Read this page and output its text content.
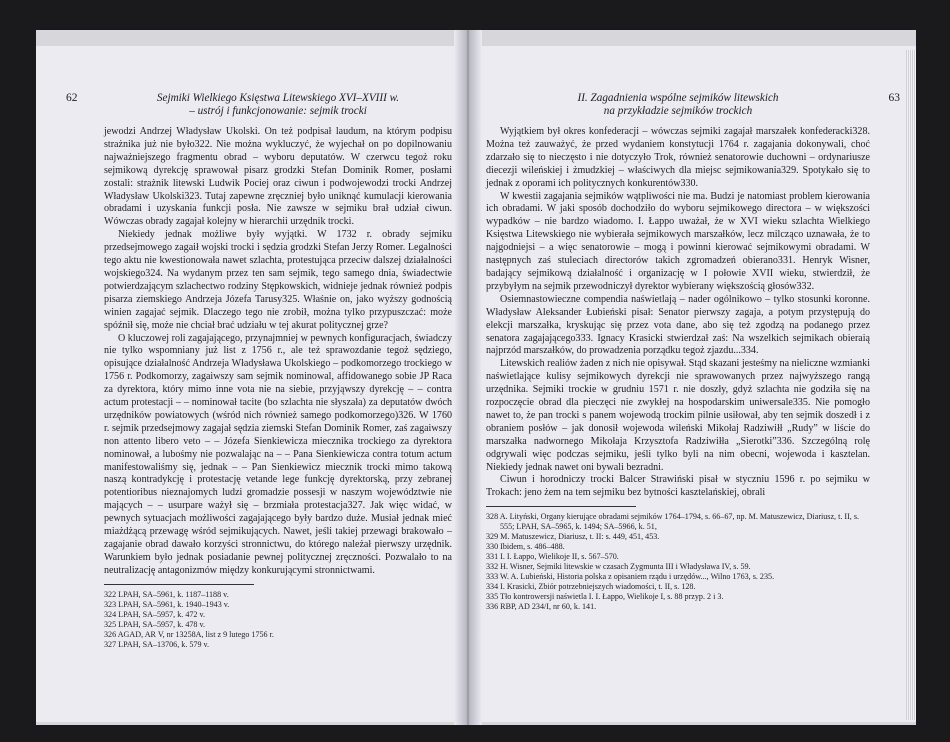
62	Sejmiki Wielkiego Księstwa Litewskiego XVI–XVIII w.
– ustrój i funkcjonowanie: sejmik trocki

jewodzi Andrzej Władysław Ukolski. On też podpisał laudum, na którym podpisu strażnika już nie było322. Nie można wykluczyć, że wyjechał on po dopilnowaniu najważniejszego fragmentu obrad – wyboru deputatów. W czerwcu tegoż roku sejmikową dyrekcję sprawował pisarz grodzki Stefan Dominik Romer, posłami zostali: strażnik litewski Ludwik Pociej oraz ciwun i podwojewodzi trocki Andrzej Władysław Ukolski323. Tutaj zapewne zręczniej było uniknąć kumulacji kierowania obradami i uzyskania funkcji posła. Nie zawsze w sejmiku brał udział ciwun. Wówczas obrady zagajał kolejny w hierarchii urzędnik trocki.

Niekiedy jednak możliwe były wyjątki. W 1732 r. obrady sejmiku przedsejmowego zagaił wojski trocki i sędzia grodzki Stefan Jerzy Romer. Legalności tego aktu nie kwestionowała nawet szlachta, protestująca przeciw dalszej działalności wojskiego324. Na wydanym przez ten sam sejmik, tego samego dnia, świadectwie potwierdzającym szlachectwo rodziny Stępkowskich, widnieje jednak również podpis pisarza ziemskiego Andrzeja Józefa Tarusy325. Właśnie on, jako wyższy godnością winien zagajać sejmik. Dlaczego tego nie zrobił, można tylko przypuszczać: może spóźnił się, może nie chciał brać udziału w tej akurat politycznej grze?

O kluczowej roli zagajającego, przynajmniej w pewnych konfiguracjach, świadczy nie tylko wspomniany już list z 1756 r., ale też sprawozdanie tegoż sędziego, opisujące działalność Andrzeja Władysława Ukolskiego – podkomorzego trockiego w 1756 r. Podkomorzy, zagaiwszy sam sejmik nominowal, affidowanego sobie JP Raca za dyrektora, który mimo inne vota nie na siebie, przyjąwszy dyrekcję – – contra actum protestacji – – nominował tacite (bo szlachta nie słyszała) za deputatów dwóch urzędników powiatowych (wśród nich również samego podkomorzego)326. W 1760 r. sejmik przedsejmowy zagajał sędzia ziemski Stefan Dominik Romer, zaś zagaiwszy non attento libero veto – – Józefa Sienkiewicza miecznika trockiego za dyrektora nominował, a lubośmy nie pozwalając na – – Pana Sienkiewicza contra totum actum manifestowaliśmy się, jednak – – Pan Sienkiewicz miecznik trocki mimo takową naszą kontradykcję i protestację vetande lege funkcję dyrektorską, przy zebranej potentioribus nieznajomych ludzi gromadzie possesji w naszym województwie nie mających – – usurpare ważył się – brzmiała protestacja327. Jak więc widać, w pewnych sytuacjach możliwości zagajającego były bardzo duże. Musiał jednak mieć miażdżącą przewagę wśród sejmikujących. Nawet, jeśli takiej przewagi brakowało – zagajanie obrad dawało korzyści stronnictwu, do którego należał pierwszy urzędnik. Warunkiem było jednak posiadanie pewnej politycznej zręczności. Pozwalało to na neutralizację antagonizmów między konkurującymi stronnictwami.

322 LPAH, SA–5961, k. 1187–1188 v.
323 LPAH, SA–5961, k. 1940–1943 v.
324 LPAH, SA–5957, k. 472 v.
325 LPAH, SA–5957, k. 478 v.
326 AGAD, AR V, nr 13258A, list z 9 lutego 1756 r.
327 LPAH, SA–13706, k. 579 v.
63
II. Zagadnienia wspólne sejmików litewskich
na przykładzie sejmików trockich

Wyjątkiem był okres konfederacji – wówczas sejmiki zagajał marszałek konfederacki328. Można też zauważyć, że przed wydaniem konstytucji 1764 r. zagajania dokonywali, choć zdarzało się to nieczęsto i nie dotyczyło Trok, również senatorowie duchowni – ordynariusze diecezji wileńskiej i żmudzkiej – właściwych dla miejsc sejmikowania329. Spotykało się to jednak z oporami ich politycznych konkurentów330.

W kwestii zagajania sejmików wątpliwości nie ma. Budzi je natomiast problem kierowania ich obradami. W jaki sposób dochodziło do wyboru sejmikowego directora – w większości wypadków – nie bardzo wiadomo. I. Łappo uważał, że w XVI wieku szlachta Wielkiego Księstwa Litewskiego nie wybierała sejmikowych marszałków, lecz milcząco uznawała, że to najgodniejsi – a więc senatorowie – mogą i powinni kierować sejmikowymi obradami. W następnych zaś stuleciach directorów takich zgromadzeń obierano331. Henryk Wisner, badający sejmikową działalność i organizację w I połowie XVII wieku, stwierdził, że przybyłym na sejmik przewodniczył dyrektor wybierany większością głosów332.

Osiemnastowieczne compendia naświetlają – nader ogólnikowo – tylko stosunki koronne. Władysław Aleksander Łubieński pisał: Senator pierwszy zagaja, a potym przystępują do elekcji marszałka, kryskując się przez vota dane, abo się też zgodzą na podanego przez senatora zagajającego333. Ignacy Krasicki stwierdzał zaś: Na wszelkich sejmikach obieraią najprzód marszałków, do prowadzenia porządku tegoż zjazdu...334.

Litewskich realiów żaden z nich nie opisywał. Stąd skazani jesteśmy na nieliczne wzmianki naświetlające kulisy sejmikowych dyrekcji nie sprawowanych przez najwyższego rangą urzędnika. Sejmiki trockie w grudniu 1571 r. nie doszły, gdyż szlachta nie godziła się na rozpoczęcie obrad dla pieczęci nie zwykłej na hospodarskim uniwersale335. Nie pomogło nawet to, że pan trocki s panem wojewodą trockim pilnie usiłował, aby ten sejmik doszedł i z obraniem posłów – jak donosił wojewoda wileński Mikołaj Radziwiłł „Rudy” w liście do marszałka nadwornego Mikołaja Krzysztofa Radziwiłła „Sierotki”336. Szczególną rolę odgrywali więc podczas sejmiku, jeśli tylko byli na nim obecni, wojewoda i kasztelan. Niekiedy jednak nawet oni bywali bezradni.

Ciwun i horodniczy trocki Balcer Strawiński pisał w styczniu 1596 r. po sejmiku w Trokach: jeno żem na tem sejmiku bez bytności kasztelańskiej, obrali

328 A. Lityński, Organy kierujące obradami sejmików 1764–1794, s. 66–67, np. M. Matuszewicz, Diariusz, t. II, s. 555; LPAH, SA–5965, k. 1494; SA–5966, k. 51,
329 M. Matuszewicz, Diariusz, t. II: s. 449, 451, 453.
330 Ibidem, s. 486–488.
331 I. I. Łappo, Wielikoje II, s. 567–570.
332 H. Wisner, Sejmiki litewskie w czasach Zygmunta III i Władysława IV, s. 59.
333 W. A. Lubieński, Historia polska z opisaniem rządu i urzędów..., Wilno 1763, s. 235.
334 I. Krasicki, Zbiór potrzebniejszych wiadomości, t. II, s. 128.
335 Tło kontrowersji naświetla I. I. Łappo, Wielikoje I, s. 88 przyp. 2 i 3.
336 RBP, AD 234/I, nr 60, k. 141.
